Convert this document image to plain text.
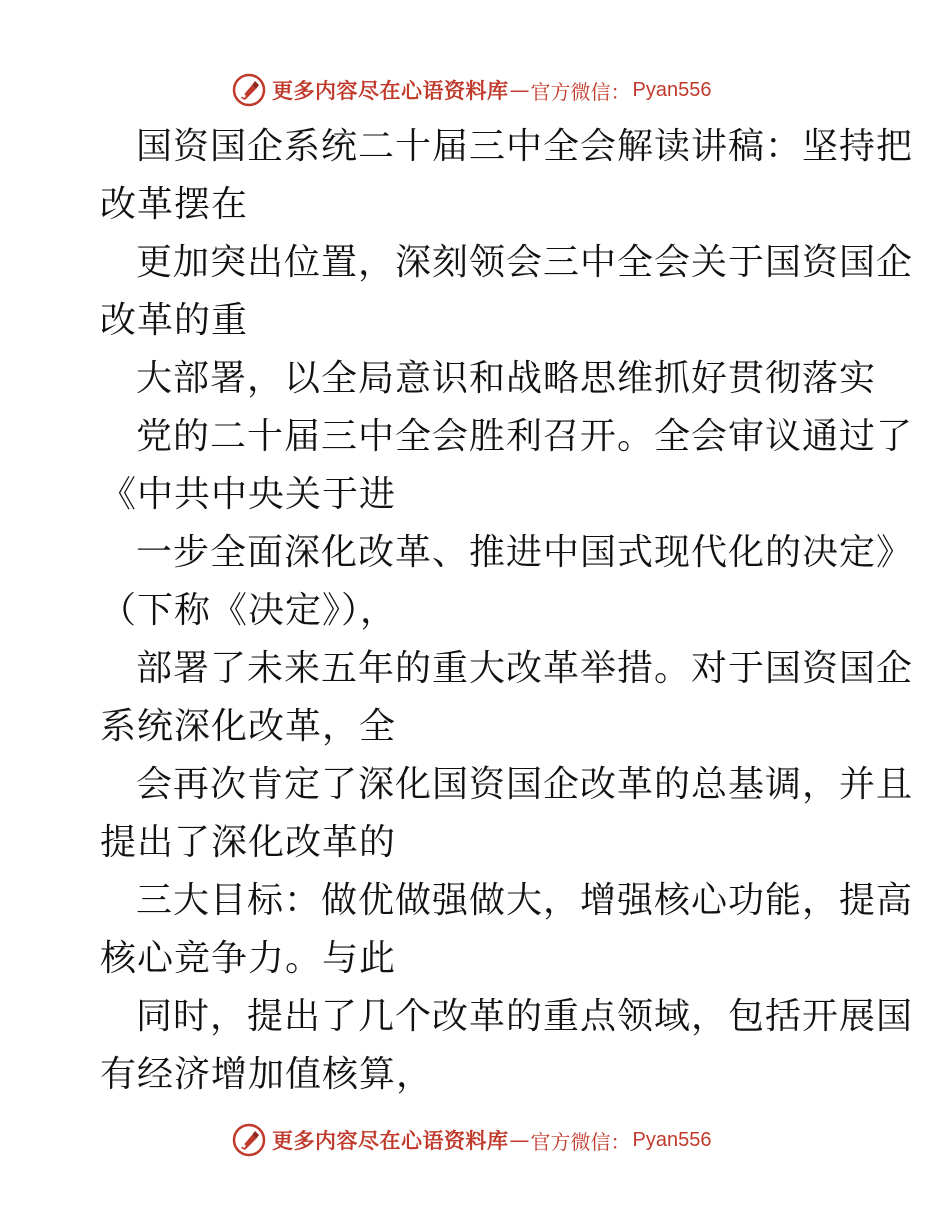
更多内容尽在心语资料库 — 官方微信： Pyan556
国资国企系统二十届三中全会解读讲稿：坚持把
改革摆在
更加突出位置，深刻领会三中全会关于国资国企
改革的重
大部署，以全局意识和战略思维抓好贯彻落实
党的二十届三中全会胜利召开。全会审议通过了
《中共中央关于进
一步全面深化改革、推进中国式现代化的决定》
（下称《决定》），
部署了未来五年的重大改革举措。对于国资国企
系统深化改革，全
会再次肯定了深化国资国企改革的总基调，并且
提出了深化改革的
三大目标：做优做强做大，增强核心功能，提高
核心竞争力。与此
同时，提出了几个改革的重点领域，包括开展国
有经济增加值核算，
更多内容尽在心语资料库 — 官方微信： Pyan556
